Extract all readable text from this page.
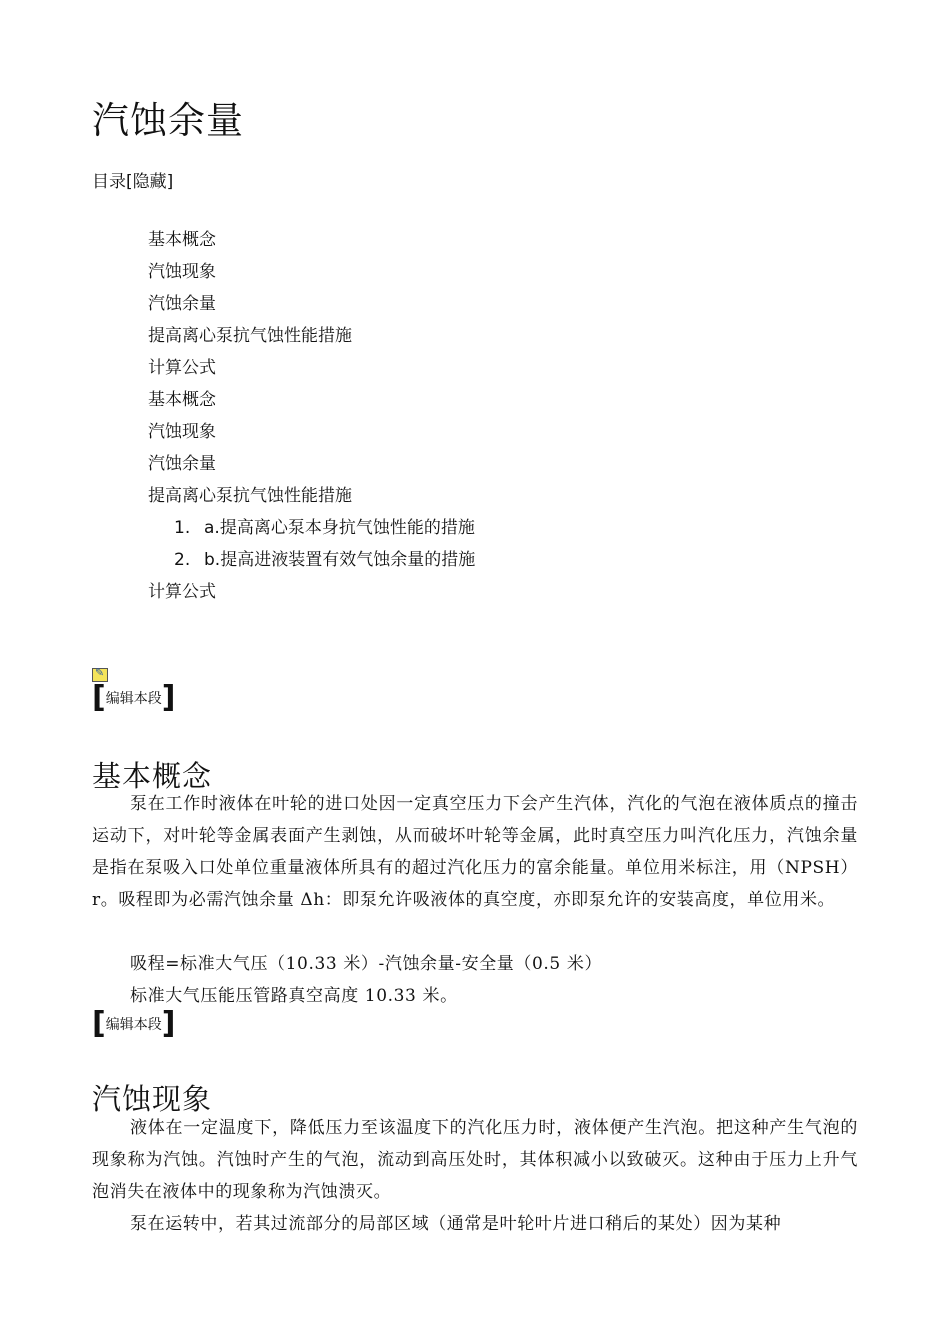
汽蚀余量
目录[隐藏]
基本概念
汽蚀现象
汽蚀余量
提高离心泵抗气蚀性能措施
计算公式
基本概念
汽蚀现象
汽蚀余量
提高离心泵抗气蚀性能措施
1. a.提高离心泵本身抗气蚀性能的措施
2. b.提高进液装置有效气蚀余量的措施
计算公式
✎
[编辑本段]
基本概念

泵在工作时液体在叶轮的进口处因一定真空压力下会产生汽体，汽化的气泡在液体质点的撞击运动下，对叶轮等金属表面产生剥蚀，从而破坏叶轮等金属，此时真空压力叫汽化压力，汽蚀余量是指在泵吸入口处单位重量液体所具有的超过汽化压力的富余能量。单位用米标注，用（NPSH）r。吸程即为必需汽蚀余量 Δh：即泵允许吸液体的真空度，亦即泵允许的安装高度，单位用米。

吸程=标准大气压（10.33 米）-汽蚀余量-安全量（0.5 米）

标准大气压能压管路真空高度 10.33 米。

[编辑本段]
汽蚀现象

液体在一定温度下，降低压力至该温度下的汽化压力时，液体便产生汽泡。把这种产生气泡的现象称为汽蚀。汽蚀时产生的气泡，流动到高压处时，其体积减小以致破灭。这种由于压力上升气泡消失在液体中的现象称为汽蚀溃灭。

泵在运转中，若其过流部分的局部区域（通常是叶轮叶片进口稍后的某处）因为某种
